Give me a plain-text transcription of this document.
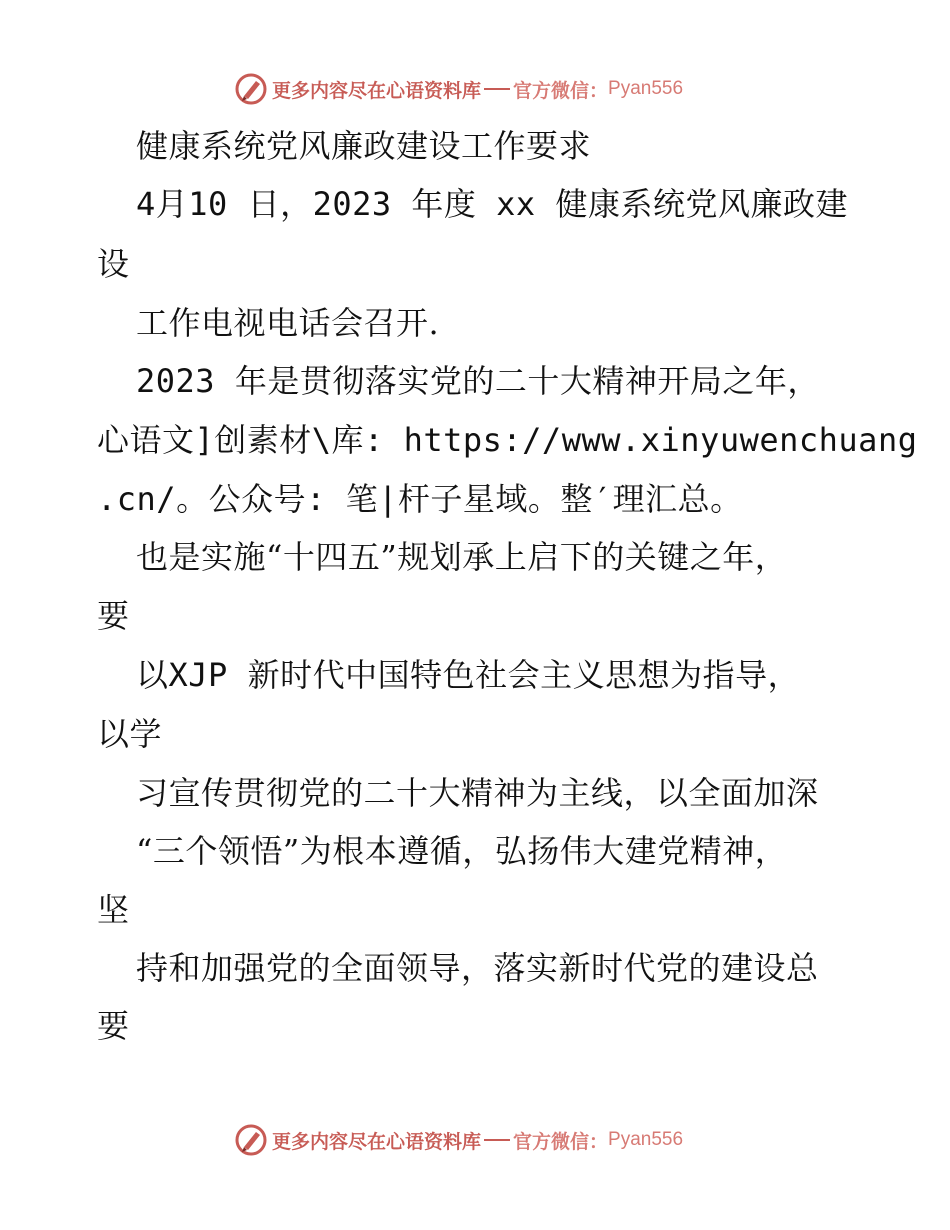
更多内容尽在心语资料库 官方微信： Pyan556
健康系统党风廉政建设工作要求
4月10 日，2023 年度 xx 健康系统党风廉政建
设
工作电视电话会召开.
2023 年是贯彻落实党的二十大精神开局之年，
心语文]创素材\库: https://www.xinyuwenchuang
.cn/。公众号: 笔|杆子星域。整′理汇总。
也是实施“十四五”规划承上启下的关键之年，
要
以XJP 新时代中国特色社会主义思想为指导，
以学
习宣传贯彻党的二十大精神为主线，以全面加深
“三个领悟”为根本遵循，弘扬伟大建党精神，
坚
持和加强党的全面领导，落实新时代党的建设总
要
更多内容尽在心语资料库 官方微信： Pyan556
